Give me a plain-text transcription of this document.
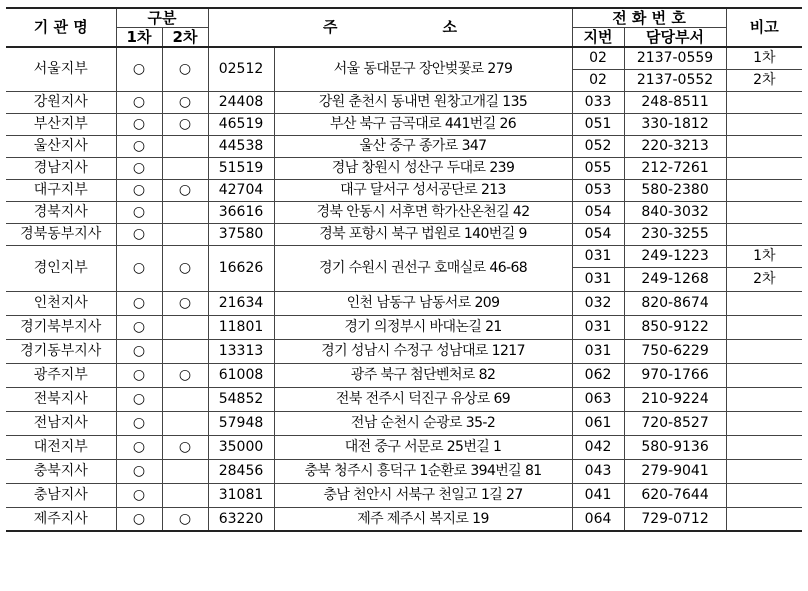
기 관 명	구분		주　　　　　　　소		전 화 번 호		비고
	1차	2차			지번	담당부서	
서울지부	○	○	02512	서울 동대문구 장안벚꽃로 279	02	2137-0559	1차
					02	2137-0552	2차
강원지사	○	○	24408	강원 춘천시 동내면 원창고개길 135	033	248-8511	
부산지부	○	○	46519	부산 북구 금곡대로 441번길 26	051	330-1812	
울산지사	○		44538	울산 중구 종가로 347	052	220-3213	
경남지사	○		51519	경남 창원시 성산구 두대로 239	055	212-7261	
대구지부	○	○	42704	대구 달서구 성서공단로 213	053	580-2380	
경북지사	○		36616	경북 안동시 서후면 학가산온천길 42	054	840-3032	
경북동부지사	○		37580	경북 포항시 북구 법원로 140번길 9	054	230-3255	
경인지부	○	○	16626	경기 수원시 권선구 호매실로 46-68	031	249-1223	1차
					031	249-1268	2차
인천지사	○	○	21634	인천 남동구 남동서로 209	032	820-8674	
경기북부지사	○		11801	경기 의정부시 바대논길 21	031	850-9122	
경기동부지사	○		13313	경기 성남시 수정구 성남대로 1217	031	750-6229	
광주지부	○	○	61008	광주 북구 첨단벤처로 82	062	970-1766	
전북지사	○		54852	전북 전주시 덕진구 유상로 69	063	210-9224	
전남지사	○		57948	전남 순천시 순광로 35-2	061	720-8527	
대전지부	○	○	35000	대전 중구 서문로 25번길 1	042	580-9136	
충북지사	○		28456	충북 청주시 흥덕구 1순환로 394번길 81	043	279-9041	
충남지사	○		31081	충남 천안시 서북구 천일고 1길 27	041	620-7644	
제주지사	○	○	63220	제주 제주시 복지로 19	064	729-0712	
